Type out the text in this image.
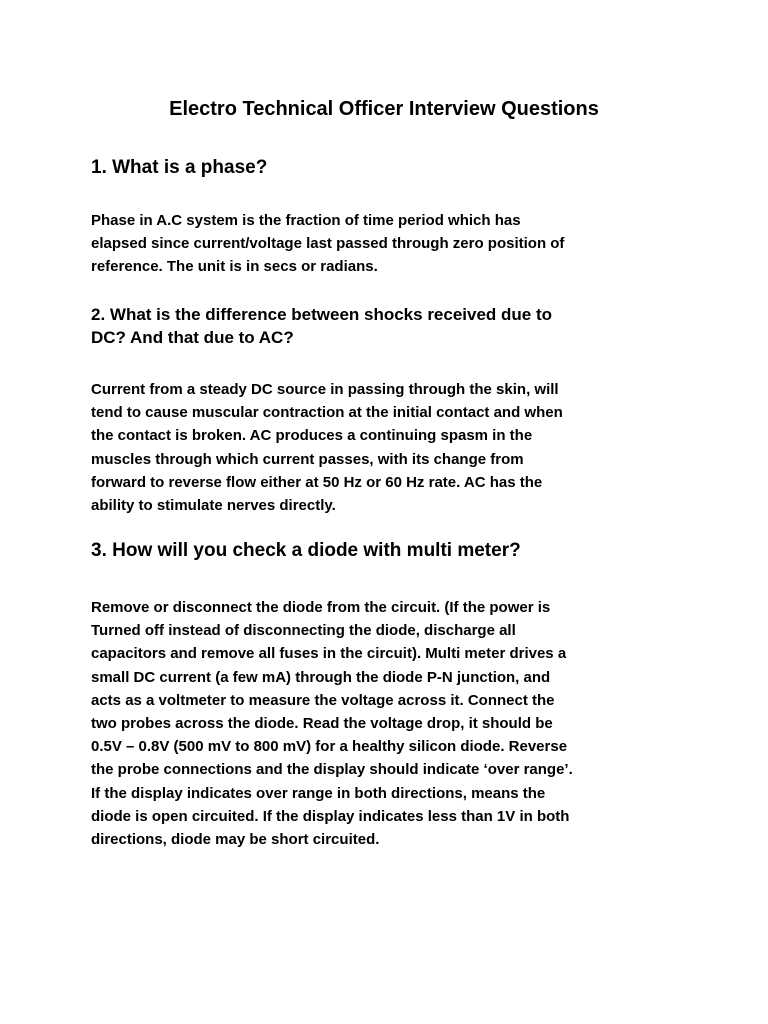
Electro Technical Officer Interview Questions
1. What is a phase?

Phase in A.C system is the fraction of time period which has
elapsed since current/voltage last passed through zero position of
reference. The unit is in secs or radians.

2. What is the difference between shocks received due to
DC? And that due to AC?

Current from a steady DC source in passing through the skin, will
tend to cause muscular contraction at the initial contact and when
the contact is broken. AC produces a continuing spasm in the
muscles through which current passes, with its change from
forward to reverse flow either at 50 Hz or 60 Hz rate. AC has the
ability to stimulate nerves directly.

3. How will you check a diode with multi meter?

Remove or disconnect the diode from the circuit. (If the power is
Turned off instead of disconnecting the diode, discharge all
capacitors and remove all fuses in the circuit). Multi meter drives a
small DC current (a few mA) through the diode P-N junction, and
acts as a voltmeter to measure the voltage across it. Connect the
two probes across the diode. Read the voltage drop, it should be
0.5V – 0.8V (500 mV to 800 mV) for a healthy silicon diode. Reverse
the probe connections and the display should indicate ‘over range’.
If the display indicates over range in both directions, means the
diode is open circuited. If the display indicates less than 1V in both
directions, diode may be short circuited.
